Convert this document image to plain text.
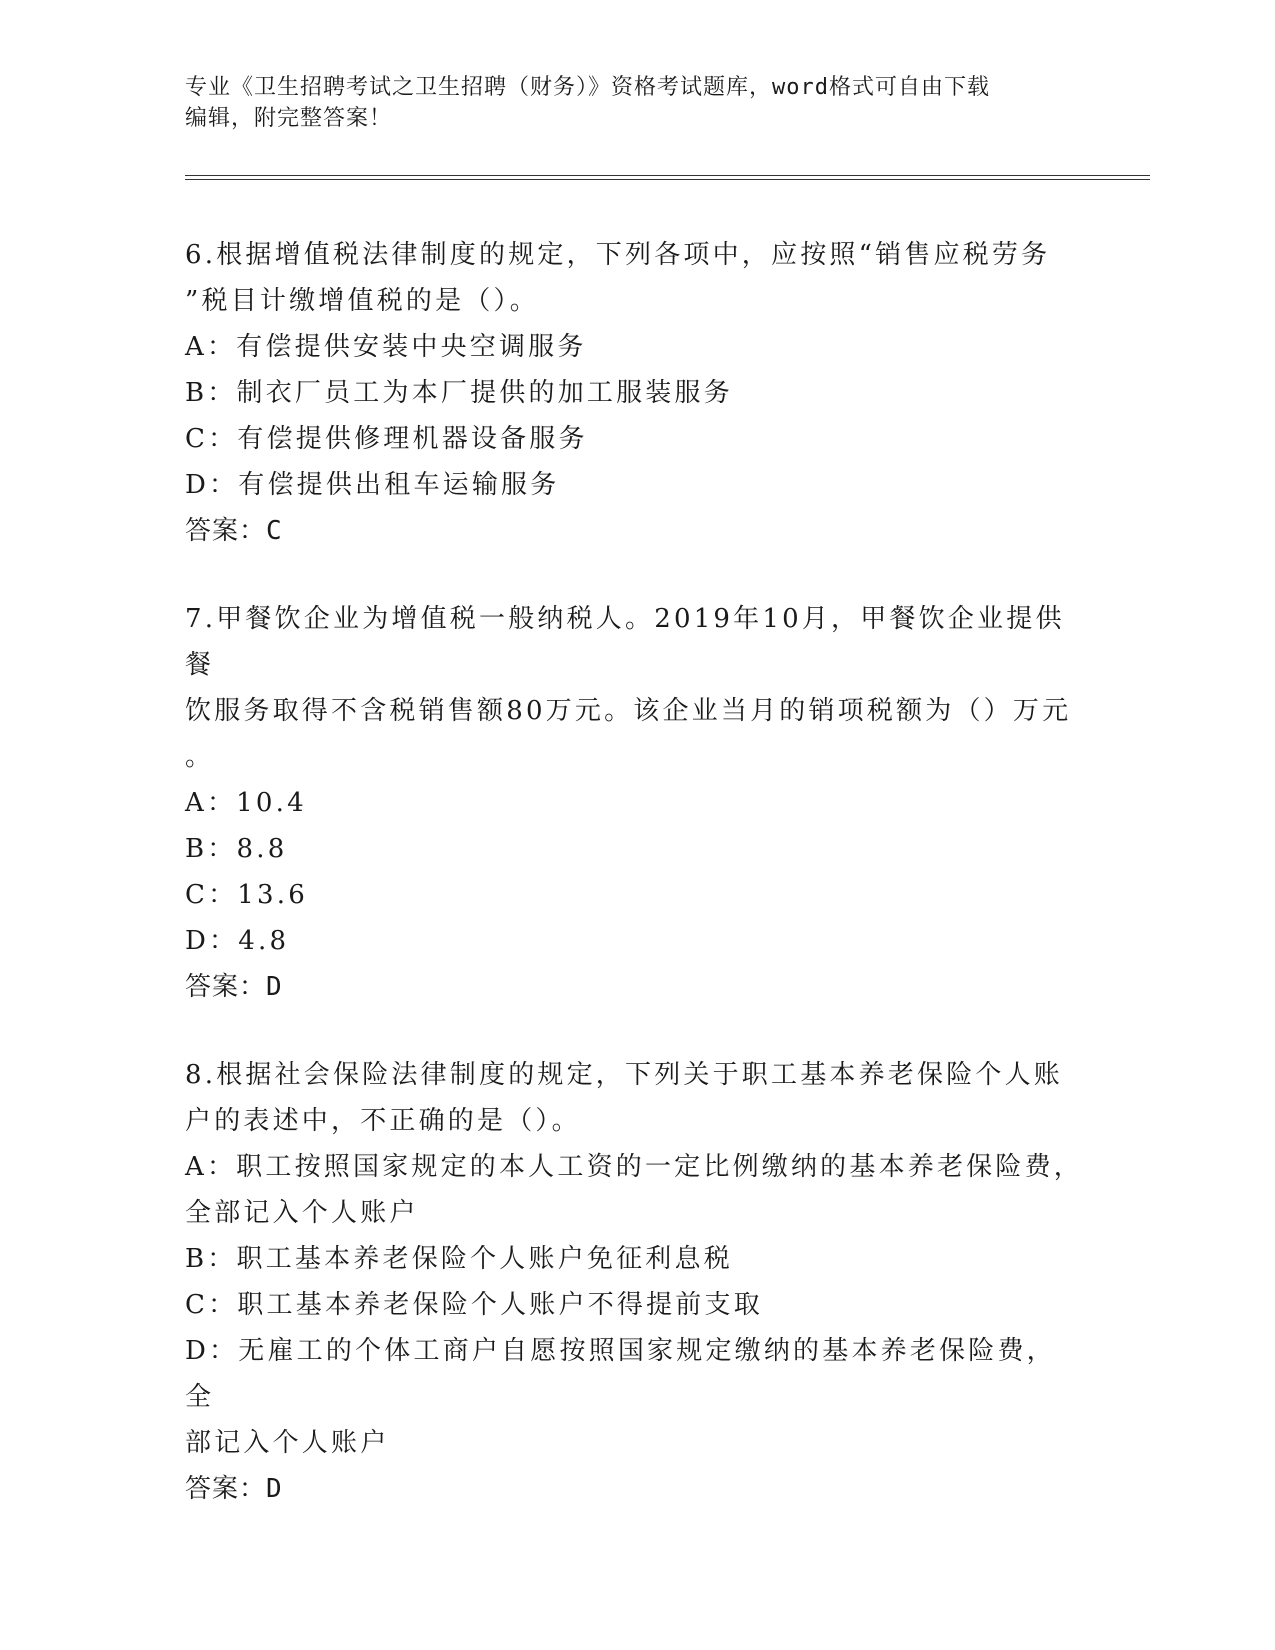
专业《卫生招聘考试之卫生招聘（财务）》资格考试题库，word格式可自由下载
编辑，附完整答案！

6.根据增值税法律制度的规定，下列各项中，应按照“销售应税劳务

”税目计缴增值税的是（）。

A：有偿提供安装中央空调服务

B：制衣厂员工为本厂提供的加工服装服务

C：有偿提供修理机器设备服务

D：有偿提供出租车运输服务

答案：C

7.甲餐饮企业为增值税一般纳税人。2019年10月，甲餐饮企业提供餐

饮服务取得不含税销售额80万元。该企业当月的销项税额为（）万元

。

A：10.4

B：8.8

C：13.6

D：4.8

答案：D

8.根据社会保险法律制度的规定，下列关于职工基本养老保险个人账

户的表述中，不正确的是（）。

A：职工按照国家规定的本人工资的一定比例缴纳的基本养老保险费，

全部记入个人账户

B：职工基本养老保险个人账户免征利息税

C：职工基本养老保险个人账户不得提前支取

D：无雇工的个体工商户自愿按照国家规定缴纳的基本养老保险费，全

部记入个人账户

答案：D
